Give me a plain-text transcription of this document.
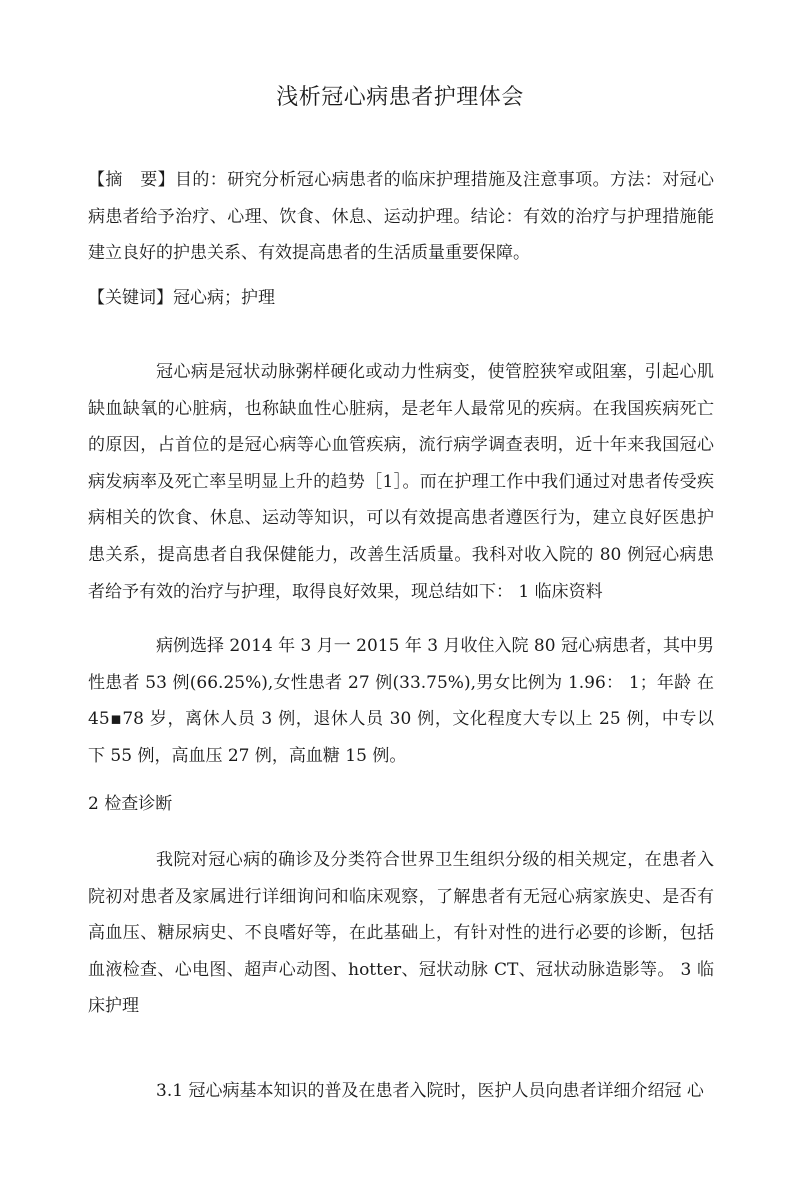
浅析冠心病患者护理体会
【摘　要】目的：研究分析冠心病患者的临床护理措施及注意事项。方法：对冠心病患者给予治疗、心理、饮食、休息、运动护理。结论：有效的治疗与护理措施能建立良好的护患关系、有效提高患者的生活质量重要保障。
【关键词】冠心病；护理
冠心病是冠状动脉粥样硬化或动力性病变，使管腔狭窄或阻塞，引起心肌缺血缺氧的心脏病，也称缺血性心脏病，是老年人最常见的疾病。在我国疾病死亡的原因，占首位的是冠心病等心血管疾病，流行病学调查表明，近十年来我国冠心病发病率及死亡率呈明显上升的趋势［1］。而在护理工作中我们通过对患者传受疾病相关的饮食、休息、运动等知识，可以有效提高患者遵医行为，建立良好医患护患关系，提高患者自我保健能力，改善生活质量。我科对收入院的 80 例冠心病患者给予有效的治疗与护理，取得良好效果，现总结如下： 1 临床资料
病例选择 2014 年 3 月一 2015 年 3 月收住入院 80 冠心病患者，其中男性患者 53 例(66.25%),女性患者 27 例(33.75%),男女比例为 1.96： 1；年龄 在 45▪78 岁，离休人员 3 例，退休人员 30 例，文化程度大专以上 25 例，中专以 下 55 例，高血压 27 例，高血糖 15 例。
2 检查诊断
我院对冠心病的确诊及分类符合世界卫生组织分级的相关规定，在患者入院初对患者及家属进行详细询问和临床观察，了解患者有无冠心病家族史、是否有高血压、糖尿病史、不良嗜好等，在此基础上，有针对性的进行必要的诊断，包括血液检查、心电图、超声心动图、hotter、冠状动脉 CT、冠状动脉造影等。 3 临床护理
3.1 冠心病基本知识的普及在患者入院时，医护人员向患者详细介绍冠 心
